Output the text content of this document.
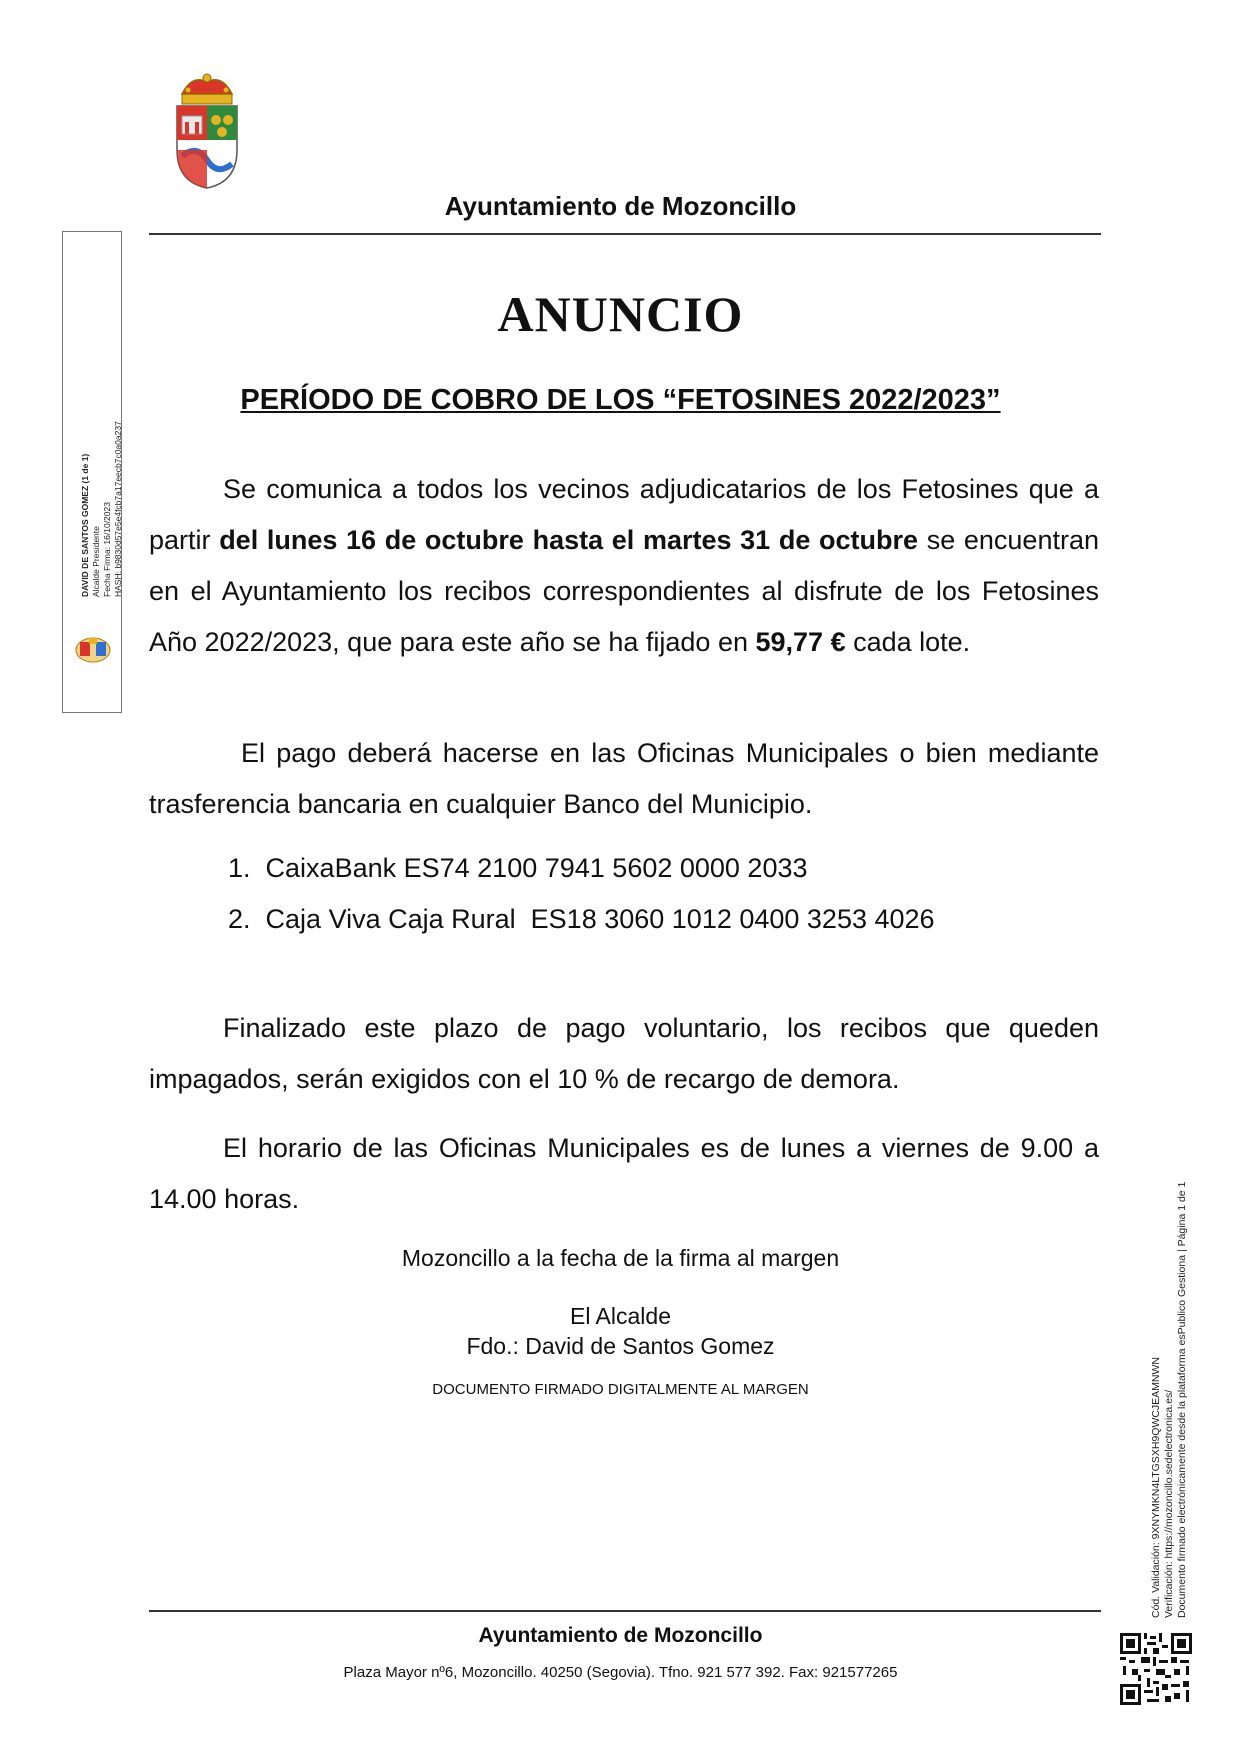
Ayuntamiento de Mozoncillo
DAVID DE SANTOS GOMEZ (1 de 1) Alcalde Presidente Fecha Firma: 16/10/2023 HASH: b9830d57e5e4fcb7a17eecb7c0a0a237
ANUNCIO
PERÍODO DE COBRO DE LOS “FETOSINES 2022/2023”
Se comunica a todos los vecinos adjudicatarios de los Fetosines que a partir del lunes 16 de octubre hasta el martes 31 de octubre se encuentran en el Ayuntamiento los recibos correspondientes al disfrute de los Fetosines Año 2022/2023, que para este año se ha fijado en 59,77 € cada lote.
El pago deberá hacerse en las Oficinas Municipales o bien mediante trasferencia bancaria en cualquier Banco del Municipio.
1. CaixaBank ES74 2100 7941 5602 0000 2033
2. Caja Viva Caja Rural  ES18 3060 1012 0400 3253 4026
Finalizado este plazo de pago voluntario, los recibos que queden impagados, serán exigidos con el 10 % de recargo de demora.
El horario de las Oficinas Municipales es de lunes a viernes de 9.00 a 14.00 horas.
Mozoncillo a la fecha de la firma al margen
El Alcalde
Fdo.: David de Santos Gomez
DOCUMENTO FIRMADO DIGITALMENTE AL MARGEN
Ayuntamiento de Mozoncillo
Plaza Mayor nº6, Mozoncillo. 40250 (Segovia). Tfno. 921 577 392. Fax: 921577265
Cód. Validación: 9XNYMKN4LTGSXH9QWCJEAMNWN Verificación: https://mozoncillo.sedelectronica.es/ Documento firmado electrónicamente desde la plataforma esPublico Gestiona | Página 1 de 1
